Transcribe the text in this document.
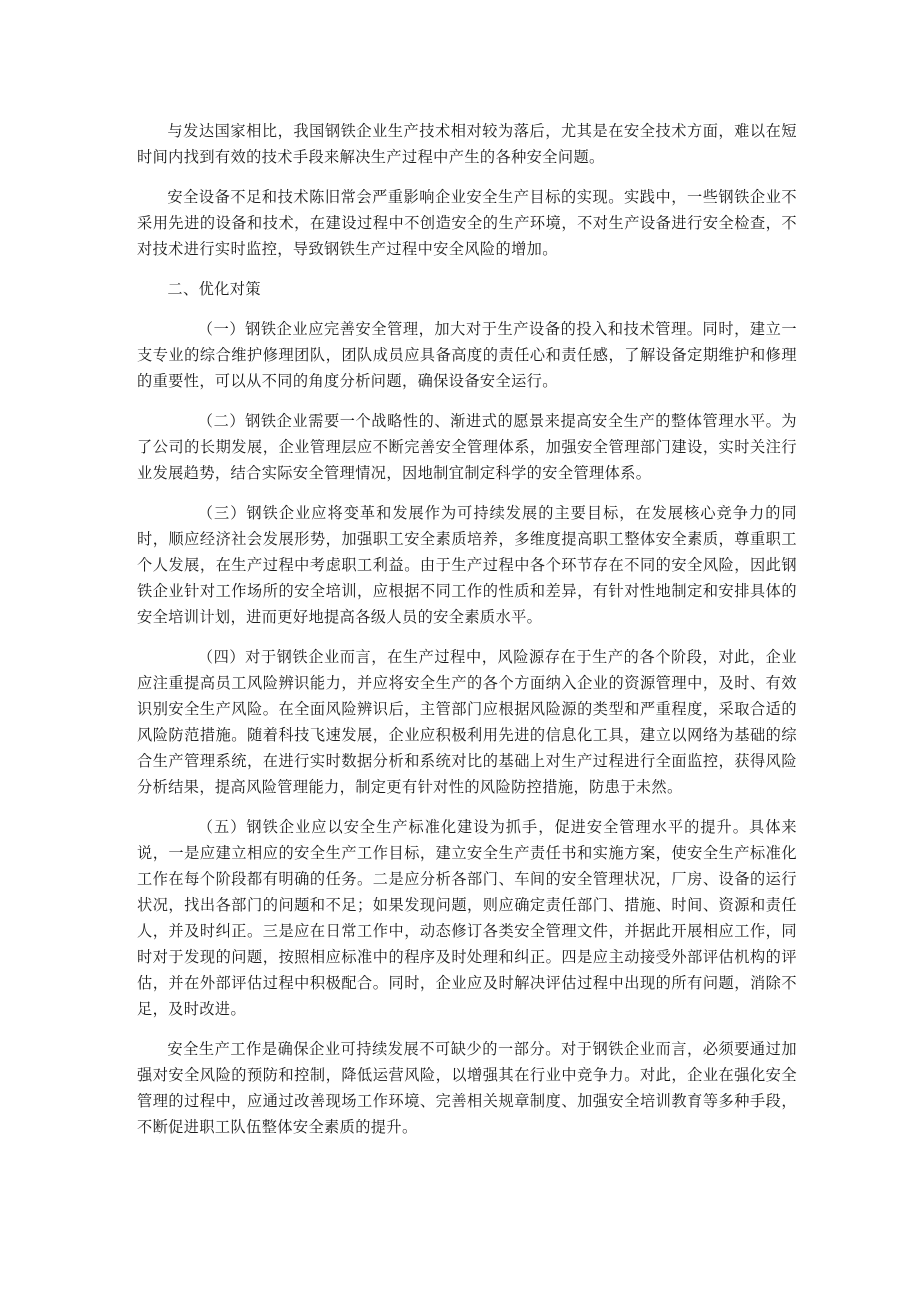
与发达国家相比，我国钢铁企业生产技术相对较为落后，尤其是在安全技术方面，难以在短时间内找到有效的技术手段来解决生产过程中产生的各种安全问题。

安全设备不足和技术陈旧常会严重影响企业安全生产目标的实现。实践中，一些钢铁企业不采用先进的设备和技术，在建设过程中不创造安全的生产环境，不对生产设备进行安全检查，不对技术进行实时监控，导致钢铁生产过程中安全风险的增加。

二、优化对策

（一）钢铁企业应完善安全管理，加大对于生产设备的投入和技术管理。同时，建立一支专业的综合维护修理团队，团队成员应具备高度的责任心和责任感，了解设备定期维护和修理的重要性，可以从不同的角度分析问题，确保设备安全运行。

（二）钢铁企业需要一个战略性的、渐进式的愿景来提高安全生产的整体管理水平。为了公司的长期发展，企业管理层应不断完善安全管理体系，加强安全管理部门建设，实时关注行业发展趋势，结合实际安全管理情况，因地制宜制定科学的安全管理体系。

（三）钢铁企业应将变革和发展作为可持续发展的主要目标，在发展核心竞争力的同时，顺应经济社会发展形势，加强职工安全素质培养，多维度提高职工整体安全素质，尊重职工个人发展，在生产过程中考虑职工利益。由于生产过程中各个环节存在不同的安全风险，因此钢铁企业针对工作场所的安全培训，应根据不同工作的性质和差异，有针对性地制定和安排具体的安全培训计划，进而更好地提高各级人员的安全素质水平。

（四）对于钢铁企业而言，在生产过程中，风险源存在于生产的各个阶段，对此，企业应注重提高员工风险辨识能力，并应将安全生产的各个方面纳入企业的资源管理中，及时、有效识别安全生产风险。在全面风险辨识后，主管部门应根据风险源的类型和严重程度，采取合适的风险防范措施。随着科技飞速发展，企业应积极利用先进的信息化工具，建立以网络为基础的综合生产管理系统，在进行实时数据分析和系统对比的基础上对生产过程进行全面监控，获得风险分析结果，提高风险管理能力，制定更有针对性的风险防控措施，防患于未然。

（五）钢铁企业应以安全生产标准化建设为抓手，促进安全管理水平的提升。具体来说，一是应建立相应的安全生产工作目标，建立安全生产责任书和实施方案，使安全生产标准化工作在每个阶段都有明确的任务。二是应分析各部门、车间的安全管理状况，厂房、设备的运行状况，找出各部门的问题和不足；如果发现问题，则应确定责任部门、措施、时间、资源和责任人，并及时纠正。三是应在日常工作中，动态修订各类安全管理文件，并据此开展相应工作，同时对于发现的问题，按照相应标准中的程序及时处理和纠正。四是应主动接受外部评估机构的评估，并在外部评估过程中积极配合。同时，企业应及时解决评估过程中出现的所有问题，消除不足，及时改进。

安全生产工作是确保企业可持续发展不可缺少的一部分。对于钢铁企业而言，必须要通过加强对安全风险的预防和控制，降低运营风险，以增强其在行业中竞争力。对此，企业在强化安全管理的过程中，应通过改善现场工作环境、完善相关规章制度、加强安全培训教育等多种手段，不断促进职工队伍整体安全素质的提升。
